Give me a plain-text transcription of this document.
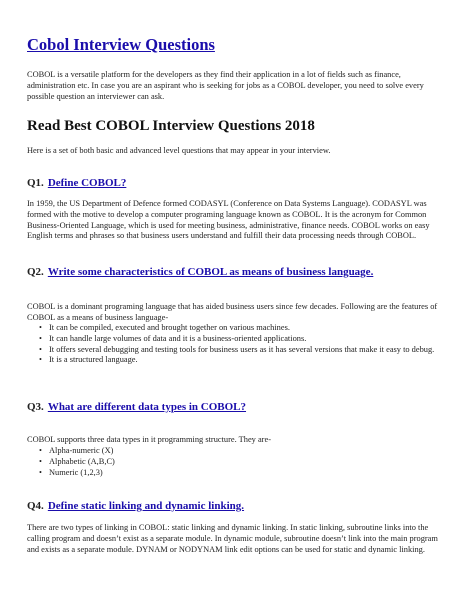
Cobol Interview Questions

COBOL is a versatile platform for the developers as they find their application in a lot of fields such as finance, administration etc. In case you are an aspirant who is seeking for jobs as a COBOL developer, you need to solve every possible question an interviewer can ask.

Read Best COBOL Interview Questions 2018

Here is a set of both basic and advanced level questions that may appear in your interview.

Q1. Define COBOL?

In 1959, the US Department of Defence formed CODASYL (Conference on Data Systems Language). CODASYL was formed with the motive to develop a computer programing language known as COBOL. It is the acronym for Common Business-Oriented Language, which is used for meeting business, administrative, finance needs. COBOL works on easy English terms and phrases so that business users understand and fulfill their data processing needs through COBOL.

Q2. Write some characteristics of COBOL as means of business language.

COBOL is a dominant programing language that has aided business users since few decades. Following are the features of COBOL as a means of business language-

• It can be compiled, executed and brought together on various machines.
• It can handle large volumes of data and it is a business-oriented applications.
• It offers several debugging and testing tools for business users as it has several versions that make it easy to debug.
• It is a structured language.
Q3. What are different data types in COBOL?

COBOL supports three data types in it programming structure. They are-

• Alpha-numeric (X)
• Alphabetic (A,B,C)
• Numeric (1,2,3)
Q4. Define static linking and dynamic linking.

There are two types of linking in COBOL: static linking and dynamic linking. In static linking, subroutine links into the calling program and doesn’t exist as a separate module. In dynamic module, subroutine doesn’t link into the main program and exists as a separate module. DYNAM or NODYNAM link edit options can be used for static and dynamic linking.
